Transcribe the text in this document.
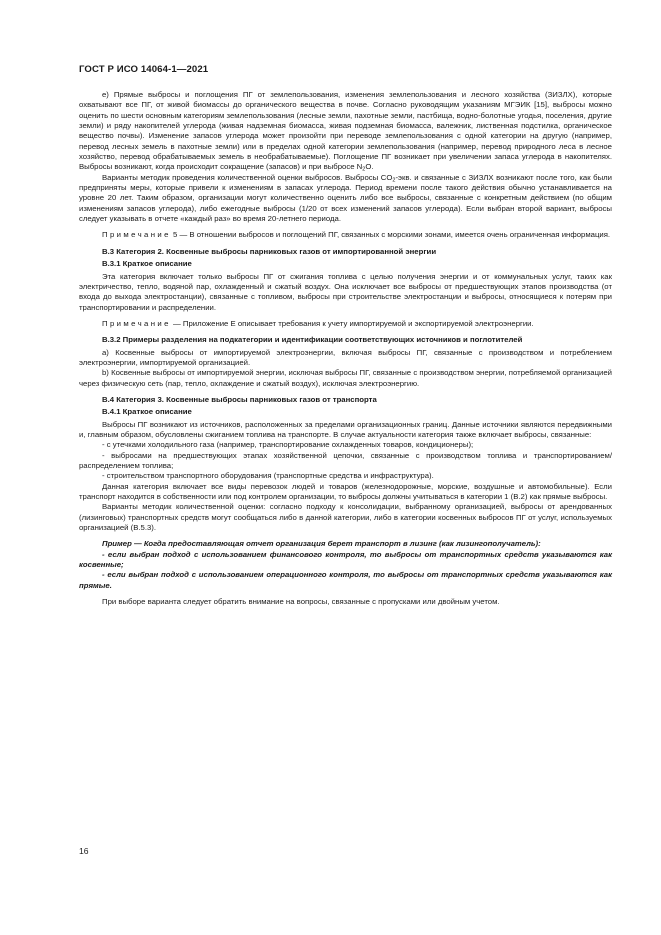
ГОСТ Р ИСО 14064-1—2021

e) Прямые выбросы и поглощения ПГ от землепользования, изменения землепользования и лесного хозяйства (ЗИЗЛХ), которые охватывают все ПГ, от живой биомассы до органического вещества в почве. Согласно руководящим указаниям МГЭИК [15], выбросы можно оценить по шести основным категориям землепользования (лесные земли, пахотные земли, пастбища, водно-болотные угодья, поселения, другие земли) и ряду накопителей углерода (живая надземная биомасса, живая подземная биомасса, валежник, лиственная подстилка, органическое вещество почвы). Изменение запасов углерода может произойти при переводе землепользования с одной категории на другую (например, перевод лесных земель в пахотные земли) или в пределах одной категории землепользования (например, перевод природного леса в лесное хозяйство, перевод обрабатываемых земель в необрабатываемые). Поглощение ПГ возникает при увеличении запаса углерода в накопителях. Выбросы возникают, когда происходит сокращение (запасов) и при выбросе $N_2O$.

Варианты методик проведения количественной оценки выбросов. Выбросы $CO_2$-экв. и связанные с ЗИЗЛХ возникают после того, как были предприняты меры, которые привели к изменениям в запасах углерода. Период времени после такого действия обычно устанавливается на уровне 20 лет. Таким образом, организации могут количественно оценить либо все выбросы, связанные с конкретным действием (по общим изменениям запасов углерода), либо ежегодные выбросы (1/20 от всех изменений запасов углерода). Если выбран второй вариант, выбросы следует указывать в отчете «каждый раз» во время 20-летнего периода.

Примечание 5 — В отношении выбросов и поглощений ПГ, связанных с морскими зонами, имеется очень ограниченная информация.

B.3 Категория 2. Косвенные выбросы парниковых газов от импортированной энергии
B.3.1 Краткое описание

Эта категория включает только выбросы ПГ от сжигания топлива с целью получения энергии и от коммунальных услуг, таких как электричество, тепло, водяной пар, охлажденный и сжатый воздух. Она исключает все выбросы от предшествующих этапов производства (от входа до выхода электростанции), связанные с топливом, выбросы при строительстве электростанции и выбросы, относящиеся к потерям при транспортировании и распределении.

Примечание — Приложение E описывает требования к учету импортируемой и экспортируемой электроэнергии.

B.3.2 Примеры разделения на подкатегории и идентификации соответствующих источников и поглотителей

a) Косвенные выбросы от импортируемой электроэнергии, включая выбросы ПГ, связанные с производством и потреблением электроэнергии, импортируемой организацией.

b) Косвенные выбросы от импортируемой энергии, исключая выбросы ПГ, связанные с производством энергии, потребляемой организацией через физическую сеть (пар, тепло, охлаждение и сжатый воздух), исключая электроэнергию.

B.4 Категория 3. Косвенные выбросы парниковых газов от транспорта
B.4.1 Краткое описание

Выбросы ПГ возникают из источников, расположенных за пределами организационных границ. Данные источники являются передвижными и, главным образом, обусловлены сжиганием топлива на транспорте. В случае актуальности категория также включает выбросы, связанные:

- с утечками холодильного газа (например, транспортирование охлажденных товаров, кондиционеры);

- выбросами на предшествующих этапах хозяйственной цепочки, связанные с производством топлива и транспортированием/распределением топлива;

- строительством транспортного оборудования (транспортные средства и инфраструктура).

Данная категория включает все виды перевозок людей и товаров (железнодорожные, морские, воздушные и автомобильные). Если транспорт находится в собственности или под контролем организации, то выбросы должны учитываться в категории 1 (B.2) как прямые выбросы.

Варианты методик количественной оценки: согласно подходу к консолидации, выбранному организацией, выбросы от арендованных (лизинговых) транспортных средств могут сообщаться либо в данной категории, либо в категории косвенных выбросов ПГ от услуг, используемых организацией (B.5.3).

Пример — Когда предоставляющая отчет организация берет транспорт в лизинг (как лизингополучатель):

- если выбран подход с использованием финансового контроля, то выбросы от транспортных средств указываются как косвенные;

- если выбран подход с использованием операционного контроля, то выбросы от транспортных средств указываются как прямые.

При выборе варианта следует обратить внимание на вопросы, связанные с пропусками или двойным учетом.

16
